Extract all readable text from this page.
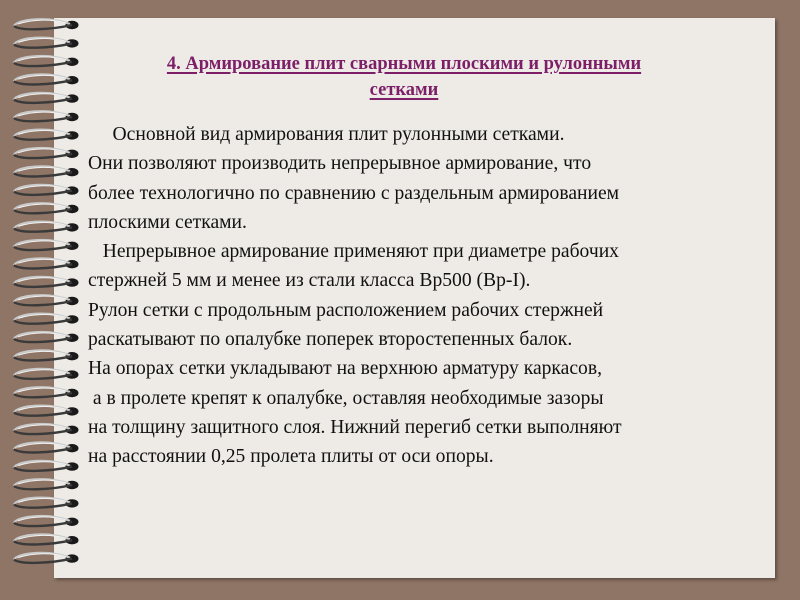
4. Армирование плит сварными плоскими и рулонными
сетками
Основной вид армирования плит рулонными сетками.
Они позволяют производить непрерывное армирование, что
более технологично по сравнению с раздельным армированием
плоскими сетками.
Непрерывное армирование применяют при диаметре рабочих
стержней 5 мм и менее из стали класса Вр500 (Вр-I).
Рулон сетки с продольным расположением рабочих стержней
раскатывают по опалубке поперек второстепенных балок.
На опорах сетки укладывают на верхнюю арматуру каркасов,
а в пролете крепят к опалубке, оставляя необходимые зазоры
на толщину защитного слоя. Нижний перегиб сетки выполняют
на расстоянии 0,25 пролета плиты от оси опоры.
